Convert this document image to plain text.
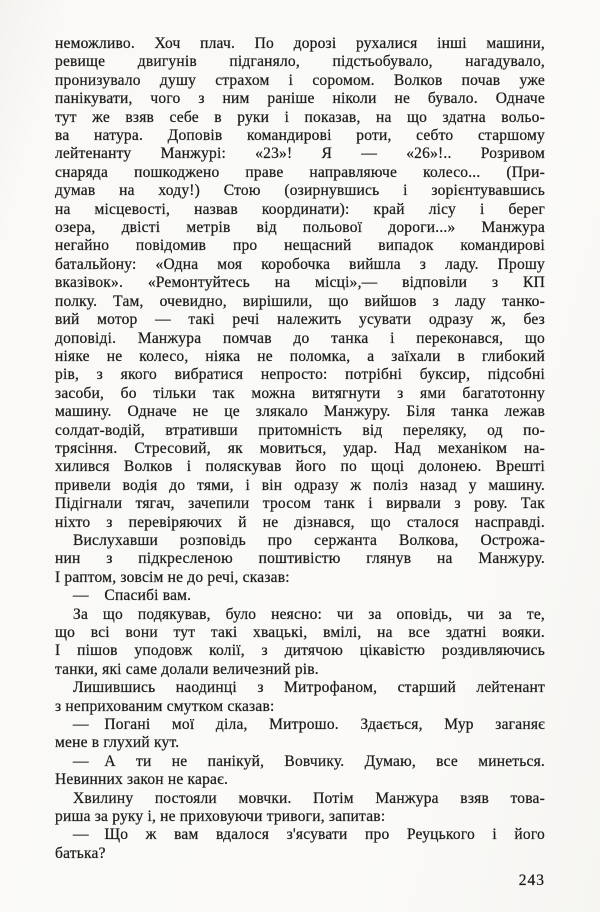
неможливо. Хоч плач. По дорозі рухалися інші машини,
ревище двигунів підганяло, підстьобувало, нагадувало,
пронизувало душу страхом і соромом. Волков почав уже
панікувати, чого з ним раніше ніколи не бувало. Одначе
тут же взяв себе в руки і показав, на що здатна вольо-
ва натура. Доповів командирові роти, себто старшому
лейтенанту Манжурі: «23»! Я — «26»!.. Розривом
снаряда пошкоджено праве направляюче колесо... (При-
думав на ходу!) Стою (озирнувшись і зорієнтувавшись
на місцевості, назвав координати): край лісу і берег
озера, двісті метрів від польової дороги...» Манжура
негайно повідомив про нещасний випадок командирові
батальйону: «Одна моя коробочка вийшла з ладу. Прошу
вказівок». «Ремонтуйтесь на місці»,— відповіли з КП
полку. Там, очевидно, вирішили, що вийшов з ладу танко-
вий мотор — такі речі належить усувати одразу ж, без
доповіді. Манжура помчав до танка і переконався, що
ніяке не колесо, ніяка не поломка, а заїхали в глибокий
рів, з якого вибратися непросто: потрібні буксир, підсобні
засоби, бо тільки так можна витягнути з ями багатотонну
машину. Одначе не це злякало Манжуру. Біля танка лежав
солдат-водій, втративши притомність від переляку, од по-
трясіння. Стресовий, як мовиться, удар. Над механіком на-
хилився Волков і поляскував його по щоці долонею. Врешті
привели водія до тями, і він одразу ж поліз назад у машину.
Підігнали тягач, зачепили тросом танк і вирвали з рову. Так
ніхто з перевіряючих й не дізнався, що сталося насправді.
Вислухавши розповідь про сержанта Волкова, Острожа-
нин з підкресленою поштивістю глянув на Манжуру.
І раптом, зовсім не до речі, сказав:
— Спасибі вам.
За що подякував, було неясно: чи за оповідь, чи за те,
що всі вони тут такі хвацькі, вмілі, на все здатні вояки.
І пішов уподовж колії, з дитячою цікавістю роздивляючись
танки, які саме долали величезний рів.
Лишившись наодинці з Митрофаном, старший лейтенант
з неприхованим смутком сказав:
— Погані мої діла, Митрошо. Здається, Мур заганяє
мене в глухий кут.
— А ти не панікуй, Вовчику. Думаю, все минеться.
Невинних закон не карає.
Хвилину постояли мовчки. Потім Манжура взяв това-
риша за руку і, не приховуючи тривоги, запитав:
— Що ж вам вдалося з'ясувати про Реуцького і його
батька?
243
